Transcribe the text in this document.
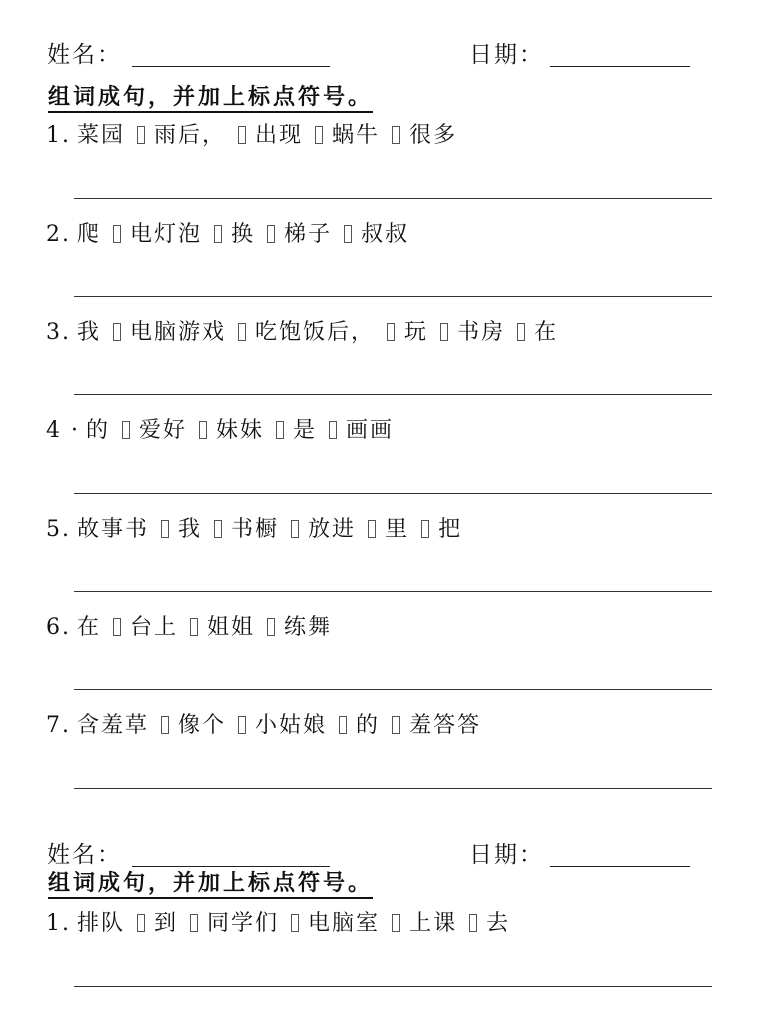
姓名：	日期：
组词成句，并加上标点符号。
1. 菜园 雨后， 出现 蜗牛 很多
2. 爬 电灯泡 换 梯子 叔叔
3. 我 电脑游戏 吃饱饭后， 玩 书房 在
4 · 的 爱好 妹妹 是 画画
5. 故事书 我 书橱 放进 里 把
6. 在 台上 姐姐 练舞
7. 含羞草 像个 小姑娘 的 羞答答
姓名：	日期：
组词成句，并加上标点符号。
1. 排队 到 同学们 电脑室 上课 去
